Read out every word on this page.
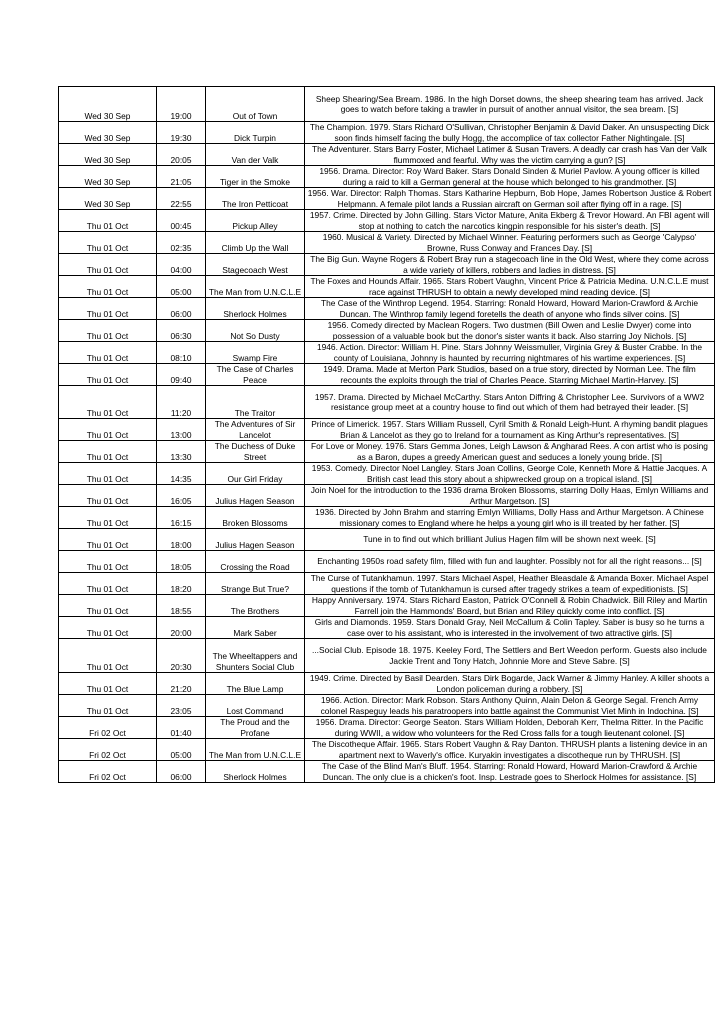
Wed 30 Sep	19:00	Out of Town	Sheep Shearing/Sea Bream. 1986. In the high Dorset downs, the sheep shearing team has arrived. Jack goes to watch before taking a trawler in pursuit of another annual visitor, the sea bream. [S]
Wed 30 Sep	19:30	Dick Turpin	The Champion. 1979. Stars Richard O'Sullivan, Christopher Benjamin & David Daker. An unsuspecting Dick soon finds himself facing the bully Hogg, the accomplice of tax collector Father Nightingale. [S]
Wed 30 Sep	20:05	Van der Valk	The Adventurer. Stars Barry Foster, Michael Latimer & Susan Travers. A deadly car crash has Van der Valk flummoxed and fearful. Why was the victim carrying a gun? [S]
Wed 30 Sep	21:05	Tiger in the Smoke	1956. Drama. Director: Roy Ward Baker. Stars Donald Sinden & Muriel Pavlow. A young officer is killed during a raid to kill a German general at the house which belonged to his grandmother. [S]
Wed 30 Sep	22:55	The Iron Petticoat	1956. War. Director: Ralph Thomas. Stars Katharine Hepburn, Bob Hope, James Robertson Justice & Robert Helpmann. A female pilot lands a Russian aircraft on German soil after flying off in a rage. [S]
Thu 01 Oct	00:45	Pickup Alley	1957. Crime. Directed by John Gilling. Stars Victor Mature, Anita Ekberg & Trevor Howard. An FBI agent will stop at nothing to catch the narcotics kingpin responsible for his sister's death. [S]
Thu 01 Oct	02:35	Climb Up the Wall	1960. Musical & Variety. Directed by Michael Winner. Featuring performers such as George 'Calypso' Browne, Russ Conway and Frances Day. [S]
Thu 01 Oct	04:00	Stagecoach West	The Big Gun. Wayne Rogers & Robert Bray run a stagecoach line in the Old West, where they come across a wide variety of killers, robbers and ladies in distress. [S]
Thu 01 Oct	05:00	The Man from U.N.C.L.E	The Foxes and Hounds Affair. 1965. Stars Robert Vaughn, Vincent Price & Patricia Medina. U.N.C.L.E must race against THRUSH to obtain a newly developed mind reading device. [S]
Thu 01 Oct	06:00	Sherlock Holmes	The Case of the Winthrop Legend. 1954. Starring: Ronald Howard, Howard Marion-Crawford & Archie Duncan. The Winthrop family legend foretells the death of anyone who finds silver coins. [S]
Thu 01 Oct	06:30	Not So Dusty	1956. Comedy directed by Maclean Rogers. Two dustmen (Bill Owen and Leslie Dwyer) come into possession of a valuable book but the donor's sister wants it back. Also starring Joy Nichols. [S]
Thu 01 Oct	08:10	Swamp Fire	1946. Action. Director: William H. Pine. Stars Johnny Weissmuller, Virginia Grey & Buster Crabbe. In the county of Louisiana, Johnny is haunted by recurring nightmares of his wartime experiences. [S]
Thu 01 Oct	09:40	The Case of Charles Peace	1949. Drama. Made at Merton Park Studios, based on a true story, directed by Norman Lee. The film recounts the exploits through the trial of Charles Peace. Starring Michael Martin-Harvey. [S]
Thu 01 Oct	11:20	The Traitor	1957. Drama. Directed by Michael McCarthy. Stars Anton Diffring & Christopher Lee. Survivors of a WW2 resistance group meet at a country house to find out which of them had betrayed their leader. [S]
Thu 01 Oct	13:00	The Adventures of Sir Lancelot	Prince of Limerick. 1957. Stars William Russell, Cyril Smith & Ronald Leigh-Hunt. A rhyming bandit plagues Brian & Lancelot as they go to Ireland for a tournament as King Arthur's representatives. [S]
Thu 01 Oct	13:30	The Duchess of Duke Street	For Love or Money. 1976. Stars Gemma Jones, Leigh Lawson & Angharad Rees. A con artist who is posing as a Baron, dupes a greedy American guest and seduces a lonely young bride. [S]
Thu 01 Oct	14:35	Our Girl Friday	1953. Comedy. Director Noel Langley. Stars Joan Collins, George Cole, Kenneth More & Hattie Jacques. A British cast lead this story about a shipwrecked group on a tropical island. [S]
Thu 01 Oct	16:05	Julius Hagen Season	Join Noel for the introduction to the 1936 drama Broken Blossoms, starring Dolly Haas, Emlyn Williams and Arthur Margetson. [S]
Thu 01 Oct	16:15	Broken Blossoms	1936. Directed by John Brahm and starring Emlyn Williams, Dolly Hass and Arthur Margetson. A Chinese missionary comes to England where he helps a young girl who is ill treated by her father. [S]
Thu 01 Oct	18:00	Julius Hagen Season	Tune in to find out which brilliant Julius Hagen film will be shown next week. [S]
Thu 01 Oct	18:05	Crossing the Road	Enchanting 1950s road safety film, filled with fun and laughter. Possibly not for all the right reasons... [S]
Thu 01 Oct	18:20	Strange But True?	The Curse of Tutankhamun. 1997. Stars Michael Aspel, Heather Bleasdale & Amanda Boxer. Michael Aspel questions if the tomb of Tutankhamun is cursed after tragedy strikes a team of expeditionists. [S]
Thu 01 Oct	18:55	The Brothers	Happy Anniversary. 1974. Stars Richard Easton, Patrick O'Connell & Robin Chadwick. Bill Riley and Martin Farrell join the Hammonds' Board, but Brian and Riley quickly come into conflict. [S]
Thu 01 Oct	20:00	Mark Saber	Girls and Diamonds. 1959. Stars Donald Gray, Neil McCallum & Colin Tapley. Saber is busy so he turns a case over to his assistant, who is interested in the involvement of two attractive girls. [S]
Thu 01 Oct	20:30	The Wheeltappers and Shunters Social Club	...Social Club. Episode 18. 1975. Keeley Ford, The Settlers and Bert Weedon perform. Guests also include Jackie Trent and Tony Hatch, Johnnie More and Steve Sabre. [S]
Thu 01 Oct	21:20	The Blue Lamp	1949. Crime. Directed by Basil Dearden. Stars Dirk Bogarde, Jack Warner & Jimmy Hanley. A killer shoots a London policeman during a robbery. [S]
Thu 01 Oct	23:05	Lost Command	1966. Action. Director: Mark Robson. Stars Anthony Quinn, Alain Delon & George Segal. French Army colonel Raspeguy leads his paratroopers into battle against the Communist Viet Minh in Indochina. [S]
Fri 02 Oct	01:40	The Proud and the Profane	1956. Drama. Director: George Seaton. Stars William Holden, Deborah Kerr, Thelma Ritter. In the Pacific during WWII, a widow who volunteers for the Red Cross falls for a tough lieutenant colonel. [S]
Fri 02 Oct	05:00	The Man from U.N.C.L.E	The Discotheque Affair. 1965. Stars Robert Vaughn & Ray Danton. THRUSH plants a listening device in an apartment next to Waverly's office. Kuryakin investigates a discotheque run by THRUSH. [S]
Fri 02 Oct	06:00	Sherlock Holmes	The Case of the Blind Man's Bluff. 1954. Starring: Ronald Howard, Howard Marion-Crawford & Archie Duncan. The only clue is a chicken's foot. Insp. Lestrade goes to Sherlock Holmes for assistance. [S]
